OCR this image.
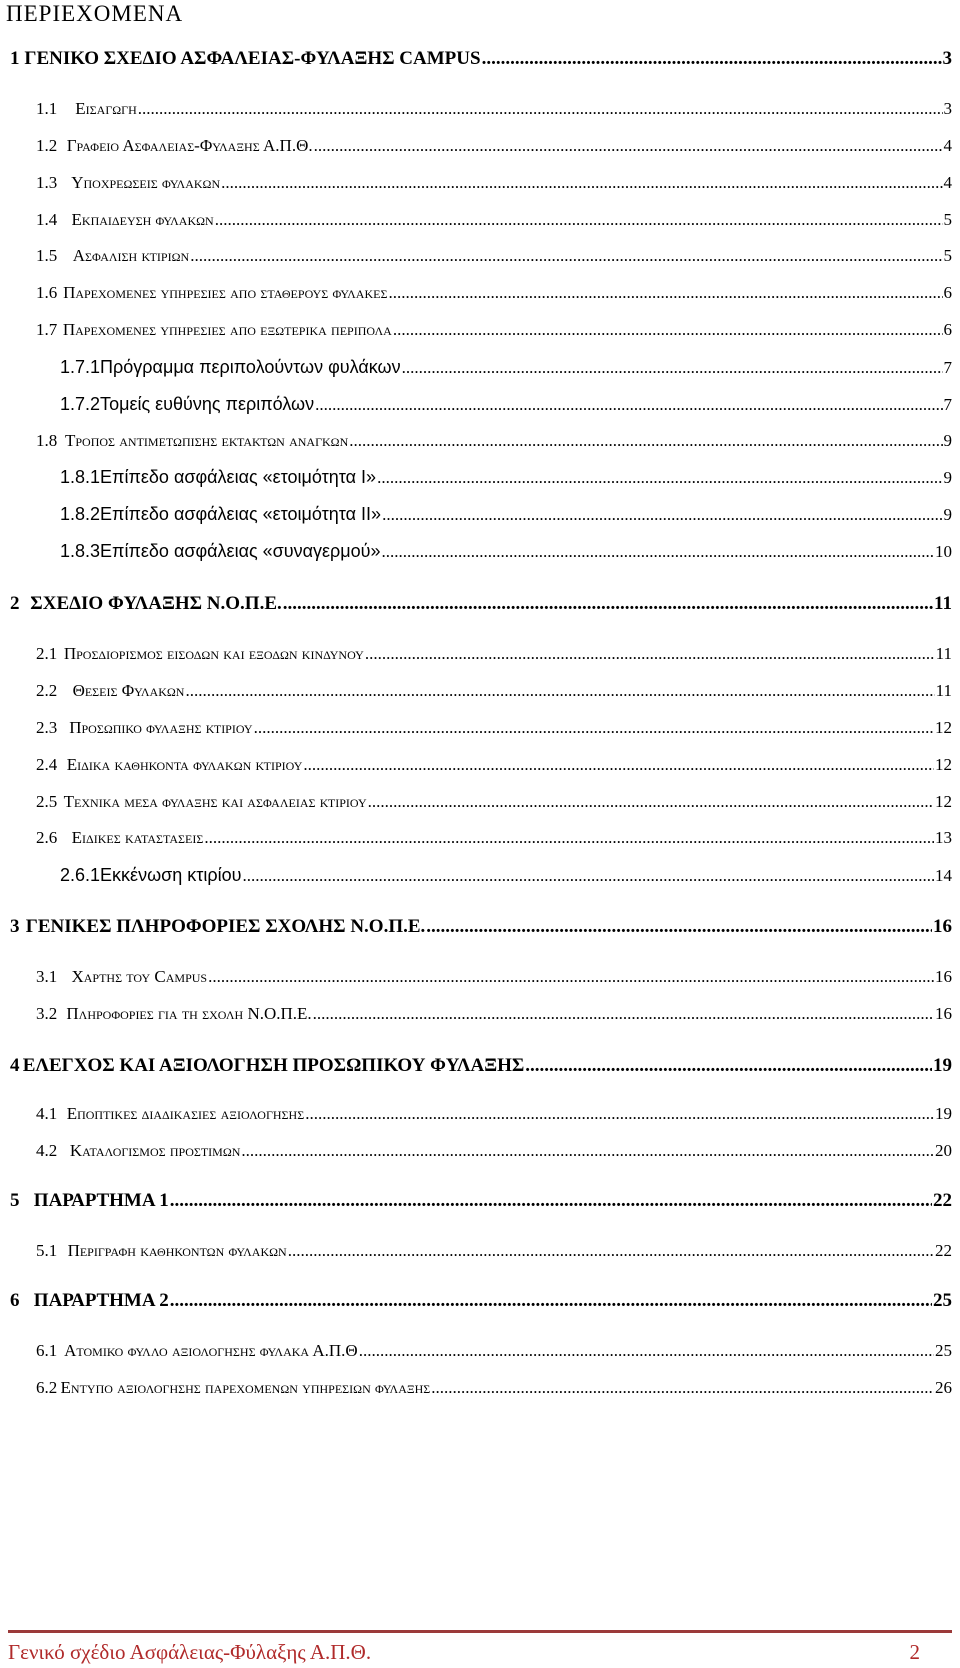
ΠΕΡΙΕΧΟΜΕΝΑ
1 ΓΕΝΙΚΟ ΣΧΕΔΙΟ ΑΣΦΑΛΕΙΑΣ-ΦΥΛΑΞΗΣ CAMPUS .....	3
1.1	Εισαγωγη .....	3
1.2 Γραφειο Ασφαλειας-Φυλαξης Α.Π.Θ. .....	4
1.3 Υποχρεωσεις φυλακων .....	4
1.4 Εκπαιδευση φυλακων .....	5
1.5 Ασφαλιση κτιριων .....	5
1.6 Παρεχομενες υπηρεσιες απο σταθερους φυλακες .....	6
1.7 Παρεχομενες υπηρεσιες απο εξωτερικα περιπολα .....	6
1.7.1 Πρόγραμμα περιπολούντων φυλάκων .....	7
1.7.2 Τομείς ευθύνης περιπόλων .....	7
1.8 Τροπος αντιμετωπισης εκτακτων αναγκων .....	9
1.8.1 Επίπεδο ασφάλειας «ετοιμότητα Ι» .....	9
1.8.2 Επίπεδο ασφάλειας «ετοιμότητα ΙΙ» .....	9
1.8.3 Επίπεδο ασφάλειας «συναγερμού» .....	10
2 ΣΧΕΔΙΟ ΦΥΛΑΞΗΣ Ν.Ο.Π.Ε. .....	11
2.1 Προσδιορισμος εισοδων και εξοδων κινδυνου .....	11
2.2 Θεσεις Φυλακων .....	11
2.3 Προσωπικο φυλαξης κτιριου .....	12
2.4 Ειδικα καθηκοντα φυλακων κτιριου .....	12
2.5 Τεχνικα μεσα φυλαξης και ασφαλειας κτιριου .....	12
2.6 Ειδικες καταστασεις .....	13
2.6.1 Εκκένωση κτιρίου .....	14
3 ΓΕΝΙΚΕΣ ΠΛΗΡΟΦΟΡΙΕΣ ΣΧΟΛΗΣ Ν.Ο.Π.Ε. .....	16
3.1 Χαρτης του Campus .....	16
3.2 Πληροφοριες για τη σχολη Ν.Ο.Π.Ε. .....	16
4 ΕΛΕΓΧΟΣ ΚΑΙ ΑΞΙΟΛΟΓΗΣΗ ΠΡΟΣΩΠΙΚΟΥ ΦΥΛΑΞΗΣ .....	19
4.1 Εποπτικες διαδικασιες αξιολογησης .....	19
4.2 Καταλογισμος προστιμων .....	20
5 ΠΑΡΑΡΤΗΜΑ 1 .....	22
5.1 Περιγραφη καθηκοντων φυλακων .....	22
6 ΠΑΡΑΡΤΗΜΑ 2 .....	25
6.1 Ατομικο φυλλο αξιολογησης φυλακα Α.Π.Θ .....	25
6.2 Εντυπο αξιολογησης παρεχομενων υπηρεσιων φυλαξης .....	26
Γενικό σχέδιο Ασφάλειας-Φύλαξης Α.Π.Θ.	2
